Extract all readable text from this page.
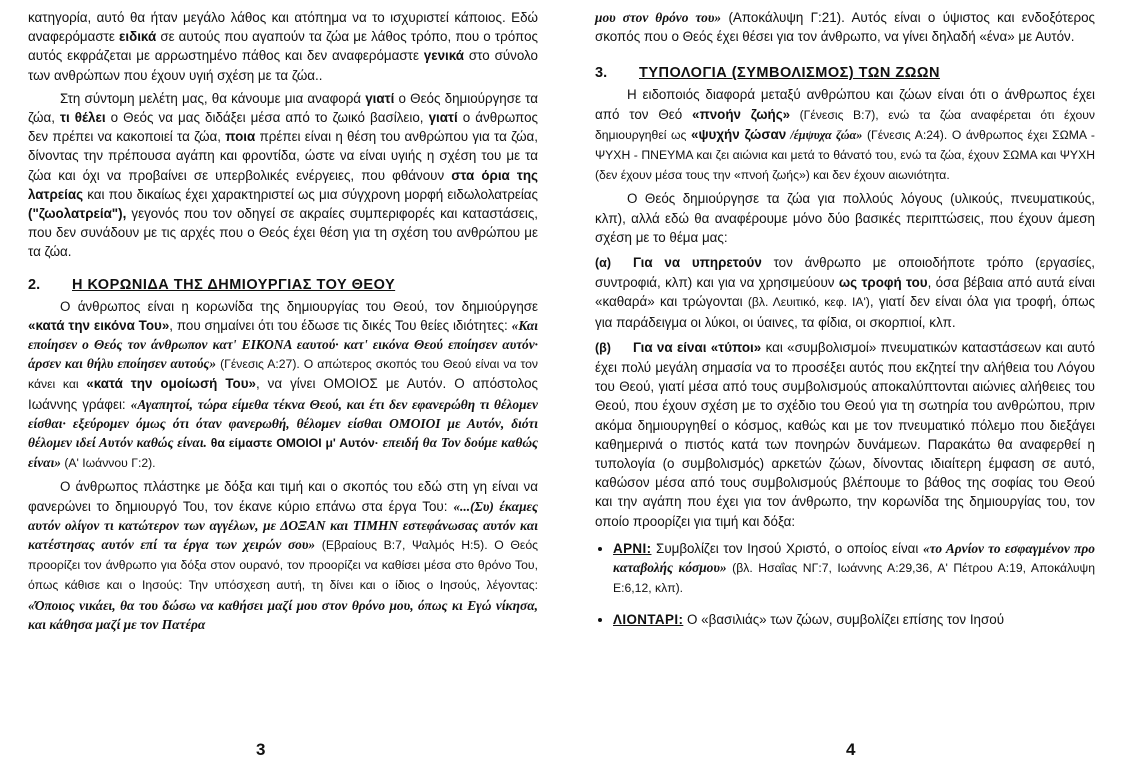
κατηγορία, αυτό θα ήταν μεγάλο λάθος και ατόπημα να το ισχυριστεί κάποιος. Εδώ αναφερόμαστε ειδικά σε αυτούς που αγαπούν τα ζώα με λάθος τρόπο, που ο τρόπος αυτός εκφράζεται με αρρωστημένο πάθος και δεν αναφερόμαστε γενικά στο σύνολο των ανθρώπων που έχουν υγιή σχέση με τα ζώα..

Στη σύντομη μελέτη μας, θα κάνουμε μια αναφορά γιατί ο Θεός δημιούργησε τα ζώα, τι θέλει ο Θεός να μας διδάξει μέσα από το ζωικό βασίλειο, γιατί ο άνθρωπος δεν πρέπει να κακοποιεί τα ζώα, ποια πρέπει είναι η θέση του ανθρώπου για τα ζώα, δίνοντας την πρέπουσα αγάπη και φροντίδα, ώστε να είναι υγιής η σχέση του με τα ζώα και όχι να προβαίνει σε υπερβολικές ενέργειες, που φθάνουν στα όρια της λατρείας και που δικαίως έχει χαρακτηριστεί ως μια σύγχρονη μορφή ειδωλολατρείας ("ζωολατρεία"), γεγονός που τον οδηγεί σε ακραίες συμπεριφορές και καταστάσεις, που δεν συνάδουν με τις αρχές που ο Θεός έχει θέση για τη σχέση του ανθρώπου με τα ζώα.

2.	Η ΚΟΡΩΝΙΔΑ ΤΗΣ ΔΗΜΙΟΥΡΓΙΑΣ ΤΟΥ ΘΕΟΥ

Ο άνθρωπος είναι η κορωνίδα της δημιουργίας του Θεού, τον δημιούργησε «κατά την εικόνα Του», που σημαίνει ότι του έδωσε τις δικές Του θείες ιδιότητες: «Και εποίησεν ο Θεός τον άνθρωπον κατ' ΕΙΚΟΝΑ εαυτού· κατ' εικόνα Θεού εποίησεν αυτόν· άρσεν και θήλυ εποίησεν αυτούς» (Γένεσις Α:27). Ο απώτερος σκοπός του Θεού είναι να τον κάνει και «κατά την ομοίωσή Του», να γίνει ΟΜΟΙΟΣ με Αυτόν. Ο απόστολος Ιωάννης γράφει: «Αγαπητοί, τώρα είμεθα τέκνα Θεού, και έτι δεν εφανερώθη τι θέλομεν είσθαι· εξεύρομεν όμως ότι όταν φανερωθή, θέλομεν είσθαι ΟΜΟΙΟΙ με Αυτόν, διότι θέλομεν ιδεί Αυτόν καθώς είναι. θα είμαστε ΟΜΟΙΟΙ μ' Αυτόν· επειδή θα Τον δούμε καθώς είναι» (Α' Ιωάννου Γ:2).

Ο άνθρωπος πλάστηκε με δόξα και τιμή και ο σκοπός του εδώ στη γη είναι να φανερώνει το δημιουργό Του, τον έκανε κύριο επάνω στα έργα Του: «...(Συ) έκαμες αυτόν ολίγον τι κατώτερον των αγγέλων, με ΔΟΞΑΝ και ΤΙΜΗΝ εστεφάνωσας αυτόν και κατέστησας αυτόν επί τα έργα των χειρών σου» (Εβραίους Β:7, Ψαλμός Η:5). Ο Θεός προορίζει τον άνθρωπο για δόξα στον ουρανό, τον προορίζει να καθίσει μέσα στο θρόνο Του, όπως κάθισε και ο Ιησούς: Την υπόσχεση αυτή, τη δίνει και ο ίδιος ο Ιησούς, λέγοντας: «Όποιος νικάει, θα του δώσω να καθήσει μαζί μου στον θρόνο μου, όπως κι Εγώ νίκησα, και κάθησα μαζί με τον Πατέρα

3

μου στον θρόνο του» (Αποκάλυψη Γ:21). Αυτός είναι ο ύψιστος και ενδοξότερος σκοπός που ο Θεός έχει θέσει για τον άνθρωπο, να γίνει δηλαδή «ένα» με Αυτόν.

3.	ΤΥΠΟΛΟΓΙΑ (ΣΥΜΒΟΛΙΣΜΟΣ) ΤΩΝ ΖΩΩΝ

Η ειδοποιός διαφορά μεταξύ ανθρώπου και ζώων είναι ότι ο άνθρωπος έχει από τον Θεό «πνοήν ζωής» (Γένεσις Β:7), ενώ τα ζώα αναφέρεται ότι έχουν δημιουργηθεί ως «ψυχήν ζώσαν /έμψυχα ζώα» (Γένεσις Α:24). Ο άνθρωπος έχει ΣΩΜΑ - ΨΥΧΗ - ΠΝΕΥΜΑ και ζει αιώνια και μετά το θάνατό του, ενώ τα ζώα, έχουν ΣΩΜΑ και ΨΥΧΗ (δεν έχουν μέσα τους την «πνοή ζωής») και δεν έχουν αιωνιότητα.

Ο Θεός δημιούργησε τα ζώα για πολλούς λόγους (υλικούς, πνευματικούς, κλπ), αλλά εδώ θα αναφέρουμε μόνο δύο βασικές περιπτώσεις, που έχουν άμεση σχέση με το θέμα μας:

(α) Για να υπηρετούν τον άνθρωπο με οποιοδήποτε τρόπο (εργασίες, συντροφιά, κλπ) και για να χρησιμεύουν ως τροφή του, όσα βέβαια από αυτά είναι «καθαρά» και τρώγονται (βλ. Λευιτικό, κεφ. ΙΑ'), γιατί δεν είναι όλα για τροφή, όπως για παράδειγμα οι λύκοι, οι ύαινες, τα φίδια, οι σκορπιοί, κλπ.

(β) Για να είναι «τύποι» και «συμβολισμοί» πνευματικών καταστάσεων και αυτό έχει πολύ μεγάλη σημασία να το προσέξει αυτός που εκζητεί την αλήθεια του Λόγου του Θεού, γιατί μέσα από τους συμβολισμούς αποκαλύπτονται αιώνιες αλήθειες του Θεού, που έχουν σχέση με το σχέδιο του Θεού για τη σωτηρία του ανθρώπου, πριν ακόμα δημιουργηθεί ο κόσμος, καθώς και με τον πνευματικό πόλεμο που διεξάγει καθημερινά ο πιστός κατά των πονηρών δυνάμεων. Παρακάτω θα αναφερθεί η τυπολογία (ο συμβολισμός) αρκετών ζώων, δίνοντας ιδιαίτερη έμφαση σε αυτό, καθώσον μέσα από τους συμβολισμούς βλέπουμε το βάθος της σοφίας του Θεού και την αγάπη που έχει για τον άνθρωπο, την κορωνίδα της δημιουργίας του, τον οποίο προορίζει για τιμή και δόξα:

• ΑΡΝΙ: Συμβολίζει τον Ιησού Χριστό, ο οποίος είναι «το Αρνίον το εσφαγμένον προ καταβολής κόσμου» (βλ. Ησαΐας ΝΓ:7, Ιωάννης Α:29,36, Α' Πέτρου Α:19, Αποκάλυψη Ε:6,12, κλπ).
• ΛΙΟΝΤΑΡΙ: Ο «βασιλιάς» των ζώων, συμβολίζει επίσης τον Ιησού
4
